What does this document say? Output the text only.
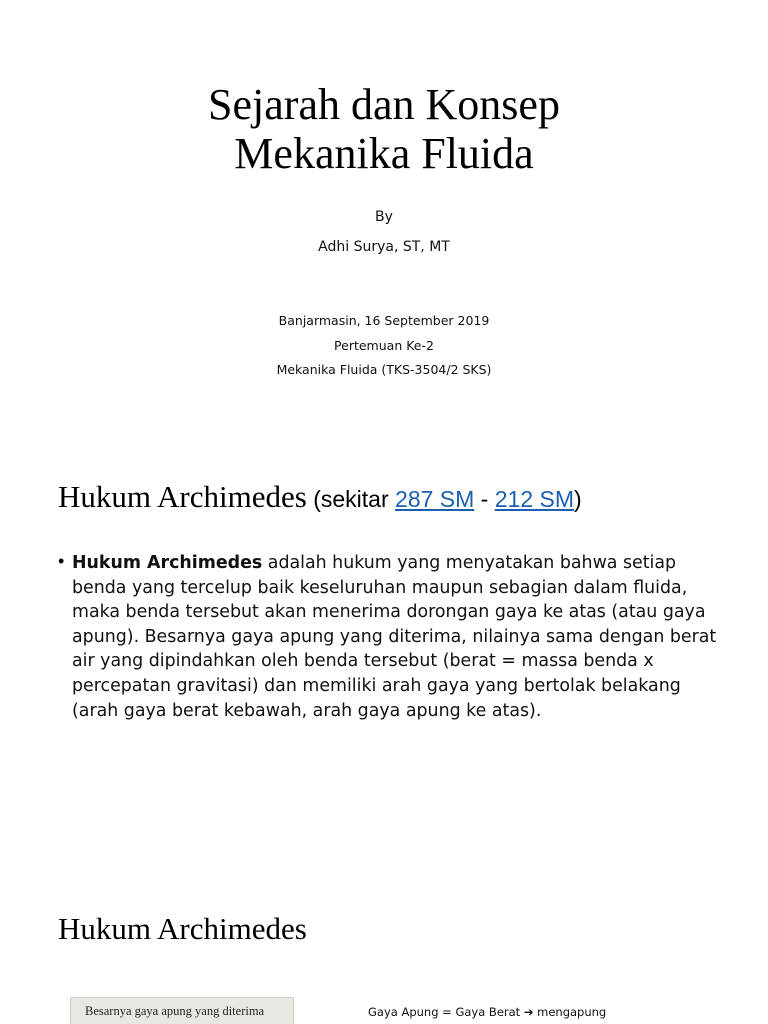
Sejarah dan Konsep
Mekanika Fluida
By
Adhi Surya, ST, MT
Banjarmasin, 16 September 2019
Pertemuan Ke-2
Mekanika Fluida (TKS-3504/2 SKS)
Hukum Archimedes (sekitar 287 SM - 212 SM)
• Hukum Archimedes adalah hukum yang menyatakan bahwa setiap benda yang tercelup baik keseluruhan maupun sebagian dalam fluida, maka benda tersebut akan menerima dorongan gaya ke atas (atau gaya apung). Besarnya gaya apung yang diterima, nilainya sama dengan berat air yang dipindahkan oleh benda tersebut (berat = massa benda x percepatan gravitasi) dan memiliki arah gaya yang bertolak belakang (arah gaya berat kebawah, arah gaya apung ke atas).
Hukum Archimedes
Besarnya gaya apung yang diterima	Gaya Apung = Gaya Berat ➔ mengapung
